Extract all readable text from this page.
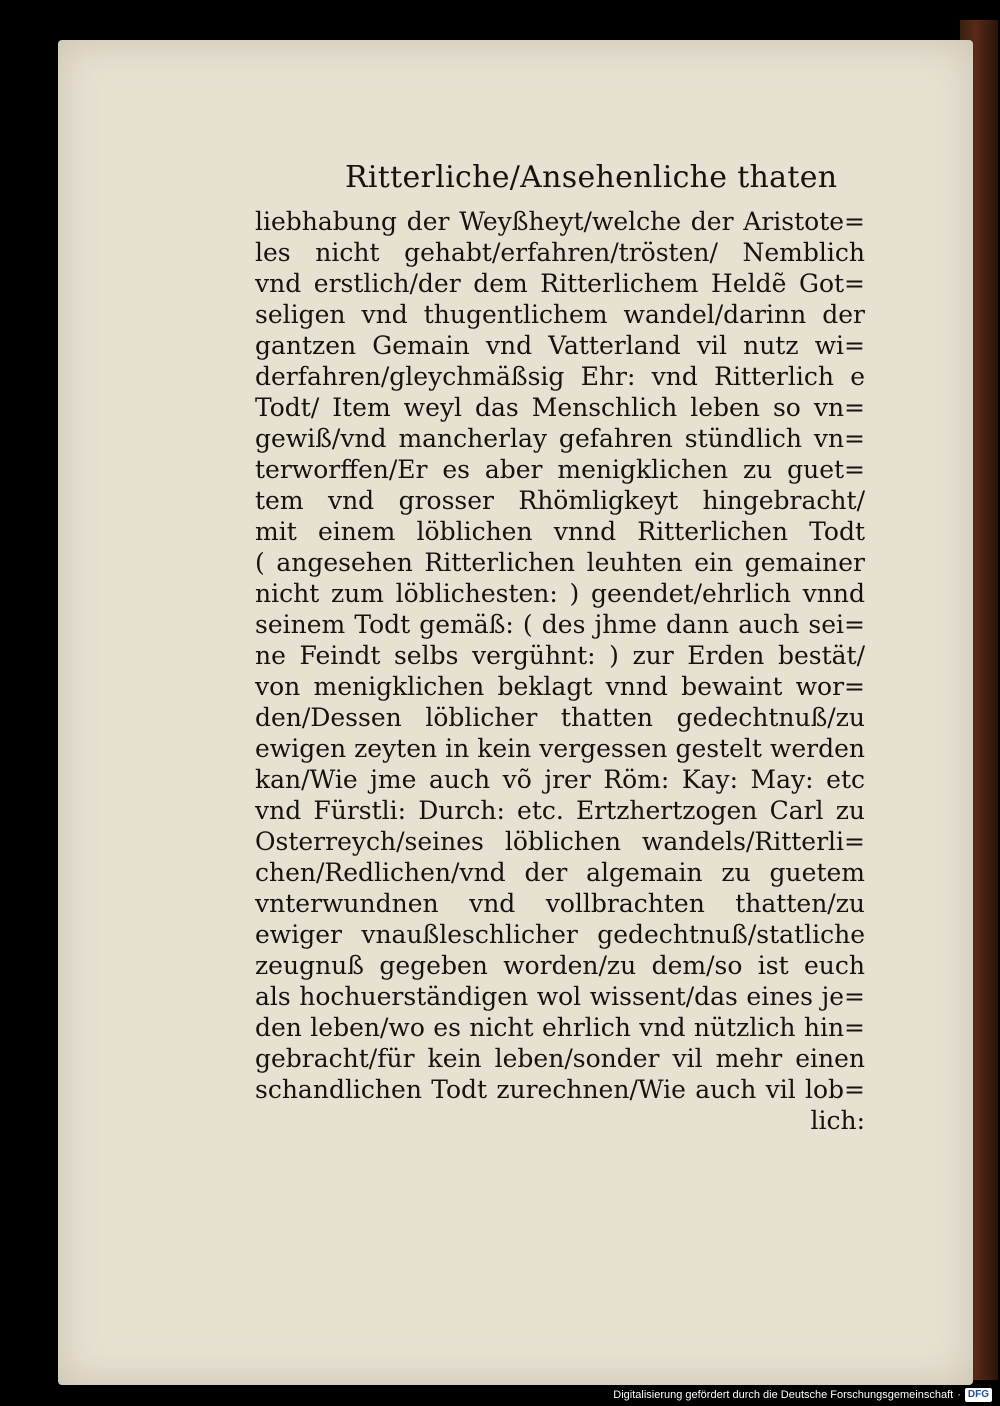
Ritterliche/Ansehenliche thaten
liebhabung der Weyßheyt/welche der Aristote=
les nicht gehabt/erfahren/trösten/ Nemblich
vnd erstlich/der dem Ritterlichem Heldẽ Got=
seligen vnd thugentlichem wandel/darinn der
gantzen Gemain vnd Vatterland vil nutz wi=
derfahren/gleychmäßsig Ehr: vnd Ritterlich e
Todt/ Item weyl das Menschlich leben so vn=
gewiß/vnd mancherlay gefahren stündlich vn=
terworffen/Er es aber menigklichen zu guet=
tem vnd grosser Rhömligkeyt hingebracht/
mit einem löblichen vnnd Ritterlichen Todt
( angesehen Ritterlichen leuhten ein gemainer
nicht zum löblichesten: ) geendet/ehrlich vnnd
seinem Todt gemäß: ( des jhme dann auch sei=
ne Feindt selbs vergühnt: ) zur Erden bestät/
von menigklichen beklagt vnnd bewaint wor=
den/Dessen löblicher thatten gedechtnuß/zu
ewigen zeyten in kein vergessen gestelt werden
kan/Wie jme auch võ jrer Röm: Kay: May: etc
vnd Fürstli: Durch: etc. Ertzhertzogen Carl zu
Osterreych/seines löblichen wandels/Ritterli=
chen/Redlichen/vnd der algemain zu guetem
vnterwundnen vnd vollbrachten thatten/zu
ewiger vnaußleschlicher gedechtnuß/statliche
zeugnuß gegeben worden/zu dem/so ist euch
als hochuerständigen wol wissent/das eines je=
den leben/wo es nicht ehrlich vnd nützlich hin=
gebracht/für kein leben/sonder vil mehr einen
schandlichen Todt zurechnen/Wie auch vil lob=
lich:
Digitalisierung gefördert durch die Deutsche Forschungsgemeinschaft · DFG
